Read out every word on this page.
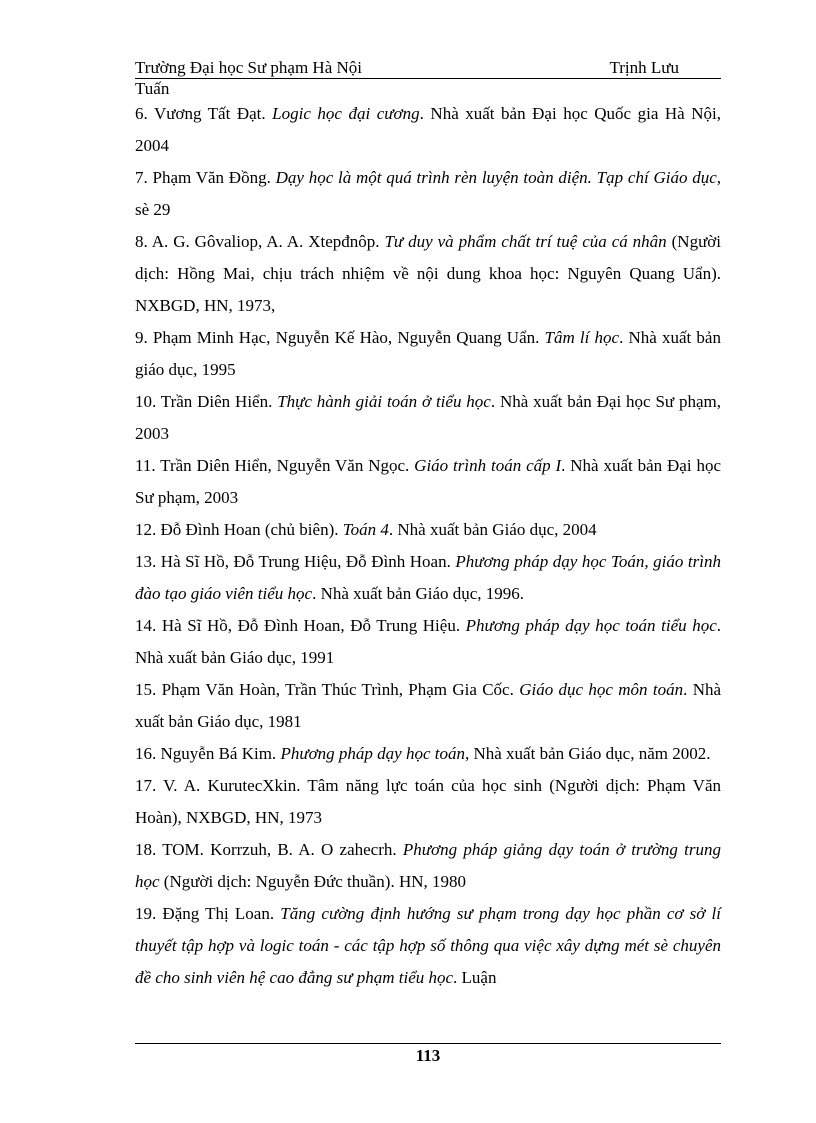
Trường Đại học Sư phạm Hà Nội	Trịnh Lưu
Tuấn

6. Vương Tất Đạt. Logic học đại cương. Nhà xuất bản Đại học Quốc gia Hà Nội, 2004

7. Phạm Văn Đồng. Dạy học là một quá trình rèn luyện toàn diện. Tạp chí Giáo dục, sè 29

8. A. G. Gôvaliop, A. A. Xtepđnôp. Tư duy và phẩm chất trí tuệ của cá nhân (Người dịch: Hồng Mai, chịu trách nhiệm về nội dung khoa học: Nguyên Quang Uẩn). NXBGD, HN, 1973,

9. Phạm Minh Hạc, Nguyễn Kế Hào, Nguyễn Quang Uẩn. Tâm lí học. Nhà xuất bản giáo dục, 1995

10. Trần Diên Hiển. Thực hành giải toán ở tiểu học. Nhà xuất bản Đại học Sư phạm, 2003

11. Trần Diên Hiển, Nguyễn Văn Ngọc. Giáo trình toán cấp I. Nhà xuất bản Đại học Sư phạm, 2003

12. Đỗ Đình Hoan (chủ biên). Toán 4. Nhà xuất bản Giáo dục, 2004

13. Hà Sĩ Hồ, Đỗ Trung Hiệu, Đỗ Đình Hoan. Phương pháp dạy học Toán, giáo trình đào tạo giáo viên tiểu học. Nhà xuất bản Giáo dục, 1996.

14. Hà Sĩ Hồ, Đỗ Đình Hoan, Đỗ Trung Hiệu. Phương pháp dạy học toán tiểu học. Nhà xuất bản Giáo dục, 1991

15. Phạm Văn Hoàn, Trần Thúc Trình, Phạm Gia Cốc. Giáo dục học môn toán. Nhà xuất bản Giáo dục, 1981

16. Nguyễn Bá Kim. Phương pháp dạy học toán, Nhà xuất bản Giáo dục, năm 2002.

17. V. A. KurutecXkin. Tâm năng lực toán của học sinh (Người dịch: Phạm Văn Hoàn), NXBGD, HN, 1973

18. TOM. Korrzuh, B. A. O zahecrh. Phương pháp giảng dạy toán ở trường trung học (Người dịch: Nguyễn Đức thuần). HN, 1980

19. Đặng Thị Loan. Tăng cường định hướng sư phạm trong dạy học phần cơ sở lí thuyết tập hợp và logic toán - các tập hợp số thông qua việc xây dựng mét sè chuyên đề cho sinh viên hệ cao đẳng sư phạm tiểu học. Luận

113
